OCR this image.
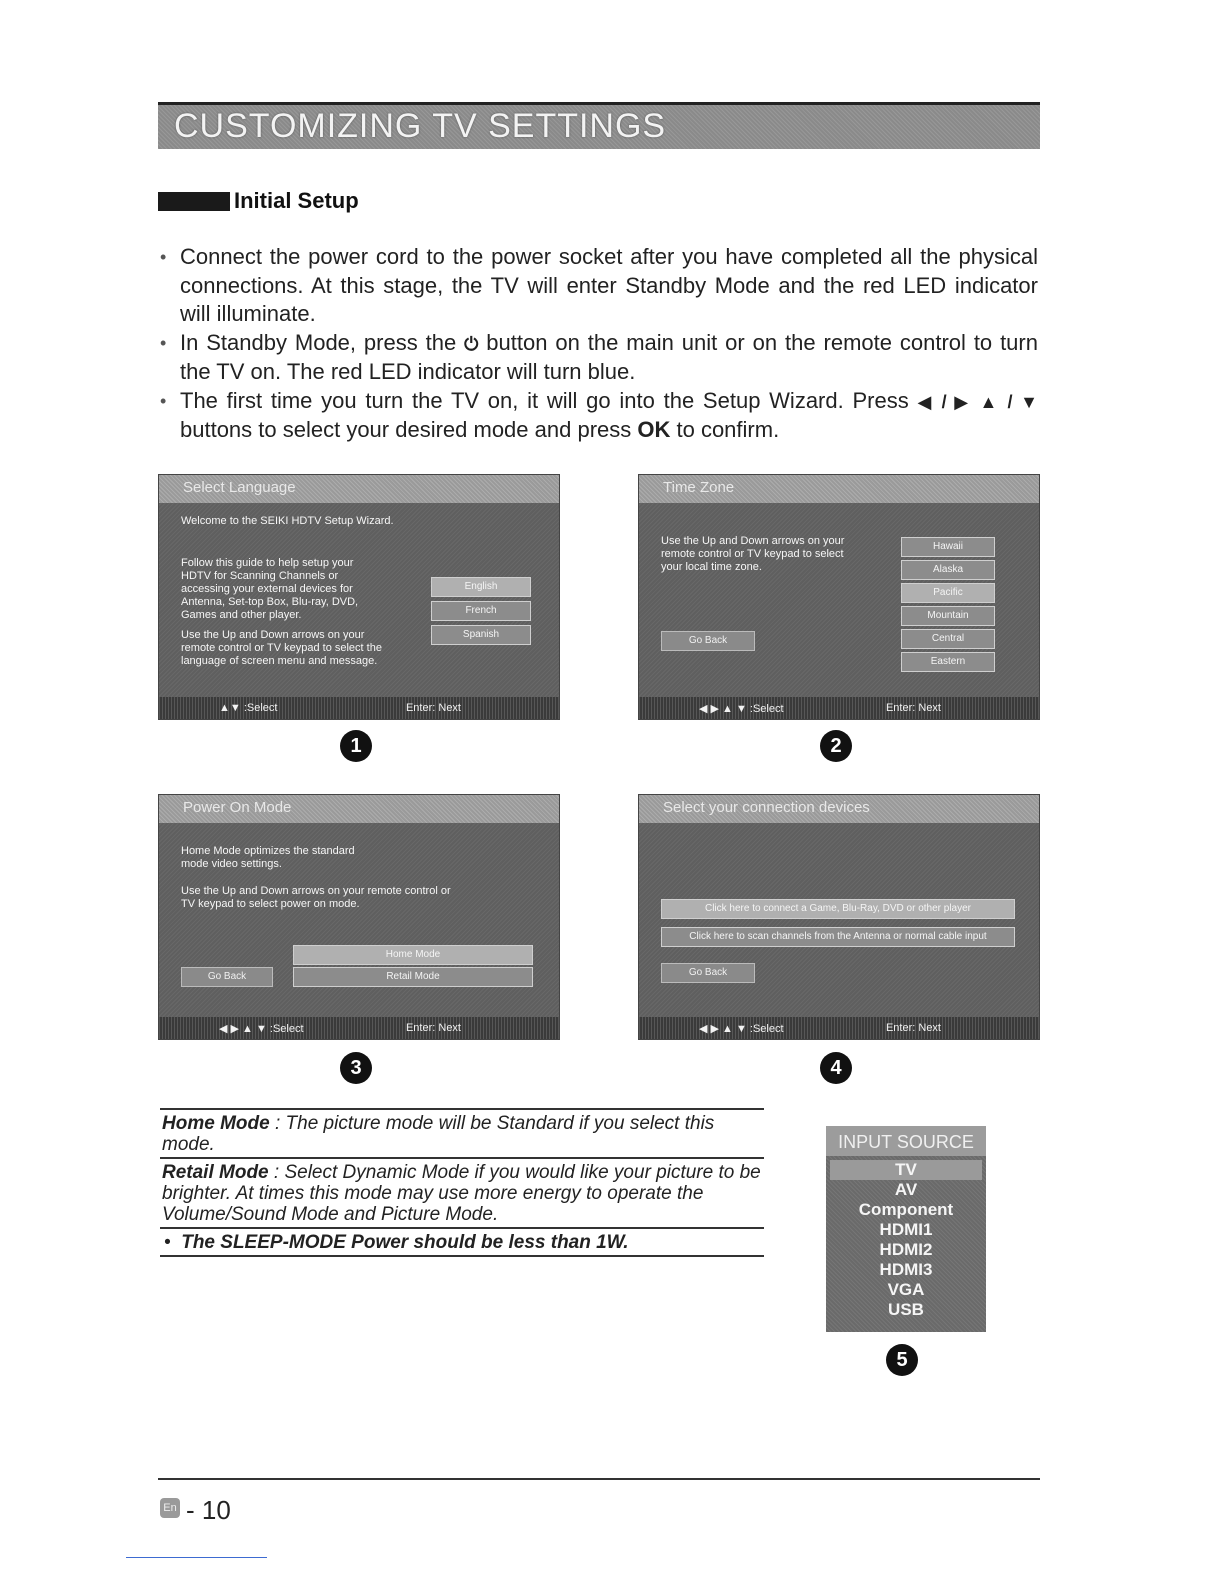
CUSTOMIZING TV SETTINGS
Initial Setup
• Connect the power cord to the power socket after you have completed all the physical connections. At this stage, the TV will enter Standby Mode and the red LED indicator will illuminate.
• In Standby Mode, press the ⏻ button on the main unit or on the remote control to turn the TV on. The red LED indicator will turn blue.
• The first time you turn the TV on, it will go into the Setup Wizard. Press ◀ / ▶ ▲ / ▼ buttons to select your desired mode and press OK to confirm.
Select Language
Welcome to the SEIKI HDTV Setup Wizard.
Follow this guide to help setup your HDTV for Scanning Channels or accessing your external devices for Antenna, Set-top Box, Blu-ray, DVD, Games and other player.
Use the Up and Down arrows on your remote control or TV keypad to select the language of screen menu and message.
English
French
Spanish
▲▼ :Select	Enter: Next
Time Zone
Use the Up and Down arrows on your remote control or TV keypad to select your local time zone.
Go Back
Hawaii
Alaska
Pacific
Mountain
Central
Eastern
◀ ▶ ▲ ▼ :Select	Enter: Next
1	2
Power On Mode
Home Mode optimizes the standard mode video settings.
Use the Up and Down arrows on your remote control or TV keypad to select power on mode.
Go Back
Home Mode
Retail Mode
◀ ▶ ▲ ▼ :Select	Enter: Next
Select your connection devices
Click here to connect a Game, Blu-Ray, DVD or other player
Click here to scan channels from the Antenna or normal cable input
Go Back
◀ ▶ ▲ ▼ :Select	Enter: Next
3	4
Home Mode : The picture mode will be Standard if you select this mode.
Retail Mode : Select Dynamic Mode if you would like your picture to be brighter. At times this mode may use more energy to operate the Volume/Sound Mode and Picture Mode.
•  The SLEEP-MODE Power should be less than 1W.
INPUT SOURCE
TV
AV
Component
HDMI1
HDMI2
HDMI3
VGA
USB
5
En - 10
